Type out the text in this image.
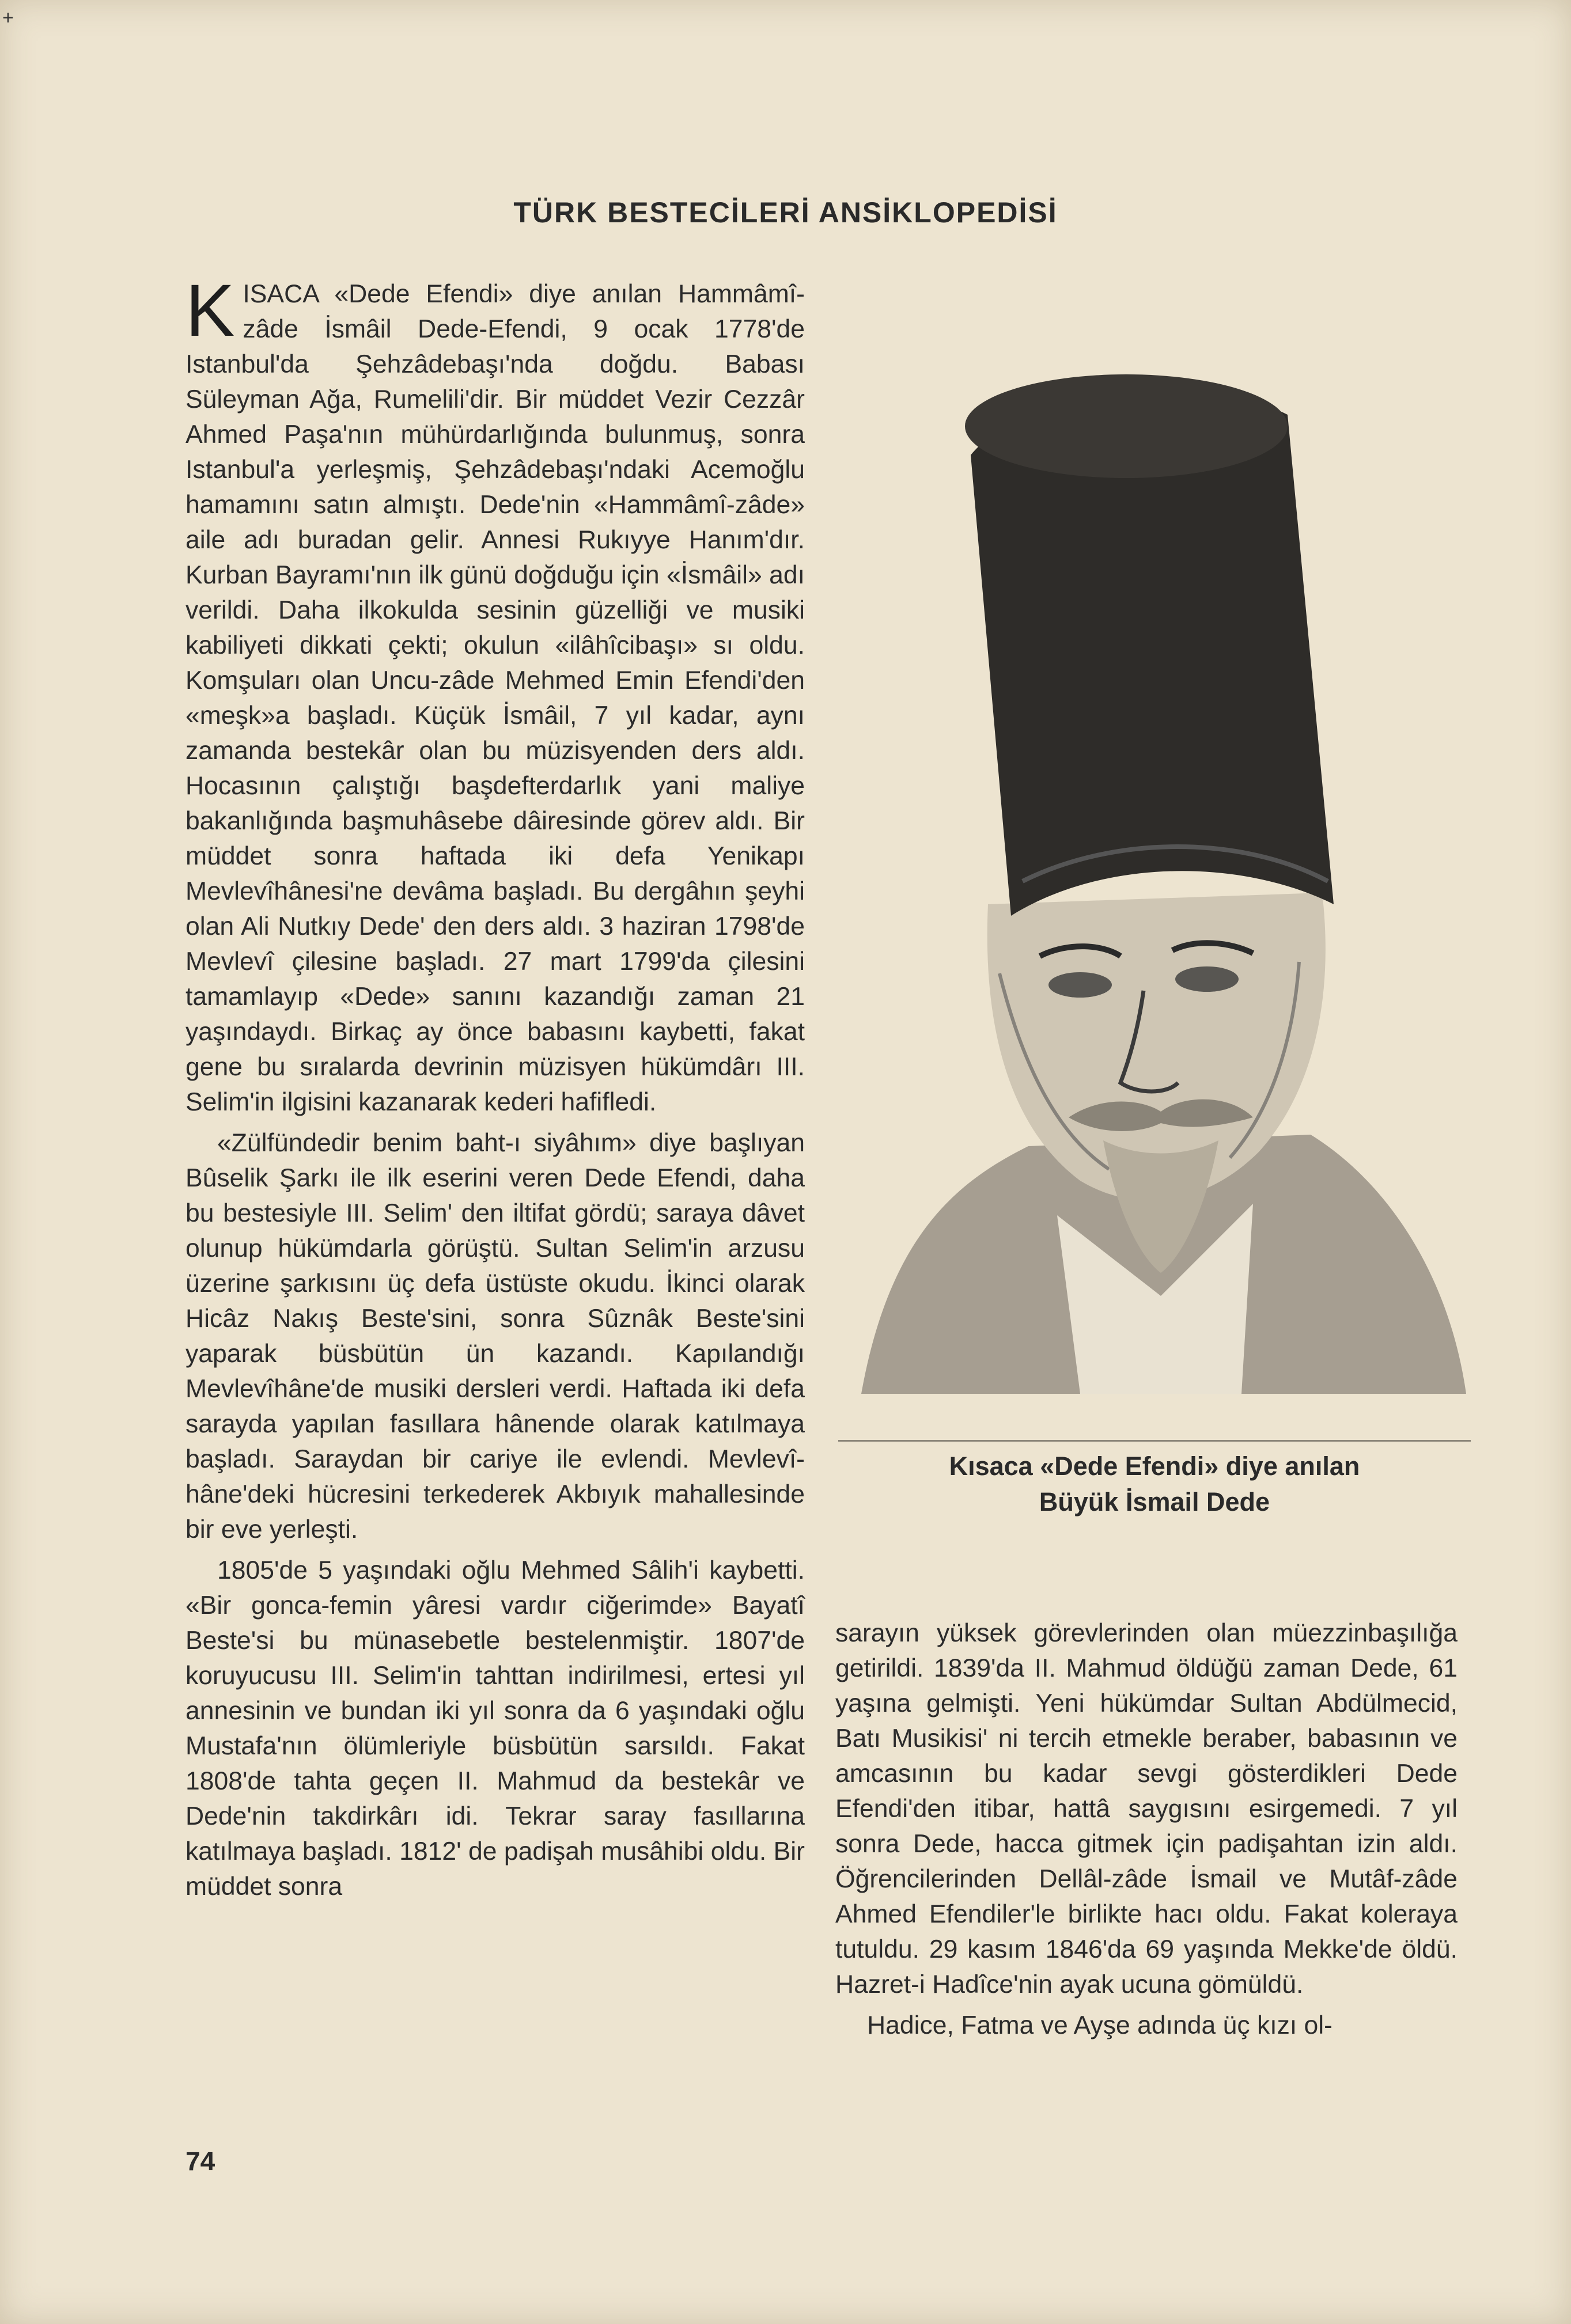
+
TÜRK BESTECİLERİ ANSİKLOPEDİSİ

K ISACA «Dede Efendi» diye anılan Hammâmî-zâde İsmâil Dede-Efendi, 9 ocak 1778'de Istanbul'da Şehzâdebaşı'nda doğdu. Babası Süleyman Ağa, Rumelili'dir. Bir müddet Vezir Cezzâr Ahmed Paşa'nın mühürdarlığında bulunmuş, sonra Istanbul'a yerleşmiş, Şehzâdebaşı'ndaki Acemoğlu hamamını satın almıştı. Dede'nin «Hammâmî-zâde» aile adı buradan gelir. Annesi Rukıyye Hanım'dır. Kurban Bayramı'nın ilk günü doğduğu için «İsmâil» adı verildi. Daha ilkokulda sesinin güzelliği ve musiki kabiliyeti dikkati çekti; okulun «ilâhîcibaşı» sı oldu. Komşuları olan Uncu-zâde Mehmed Emin Efendi'den «meşk»a başladı. Küçük İsmâil, 7 yıl kadar, aynı zamanda bestekâr olan bu müzisyenden ders aldı. Hocasının çalıştığı başdefterdarlık yani maliye bakanlığında başmuhâsebe dâiresinde görev aldı. Bir müddet sonra haftada iki defa Yenikapı Mevlevîhânesi'ne devâma başladı. Bu dergâhın şeyhi olan Ali Nutkıy Dede' den ders aldı. 3 haziran 1798'de Mevlevî çilesine başladı. 27 mart 1799'da çilesini tamamlayıp «Dede» sanını kazandığı zaman 21 yaşındaydı. Birkaç ay önce babasını kaybetti, fakat gene bu sıralarda devrinin müzisyen hükümdârı III. Selim'in ilgisini kazanarak kederi hafifledi.

«Zülfündedir benim baht-ı siyâhım» diye başlıyan Bûselik Şarkı ile ilk eserini veren Dede Efendi, daha bu bestesiyle III. Selim' den iltifat gördü; saraya dâvet olunup hükümdarla görüştü. Sultan Selim'in arzusu üzerine şarkısını üç defa üstüste okudu. İkinci olarak Hicâz Nakış Beste'sini, sonra Sûznâk Beste'sini yaparak büsbütün ün kazandı. Kapılandığı Mevlevîhâne'de musiki dersleri verdi. Haftada iki defa sarayda yapılan fasıllara hânende olarak katılmaya başladı. Saraydan bir cariye ile evlendi. Mevlevî-hâne'deki hücresini terkederek Akbıyık mahallesinde bir eve yerleşti.

1805'de 5 yaşındaki oğlu Mehmed Sâlih'i kaybetti. «Bir gonca-femin yâresi vardır ciğerimde» Bayatî Beste'si bu münasebetle bestelenmiştir. 1807'de koruyucusu III. Selim'in tahttan indirilmesi, ertesi yıl annesinin ve bundan iki yıl sonra da 6 yaşındaki oğlu Mustafa'nın ölümleriyle büsbütün sarsıldı. Fakat 1808'de tahta geçen II. Mahmud da bestekâr ve Dede'nin takdirkârı idi. Tekrar saray fasıllarına katılmaya başladı. 1812' de padişah musâhibi oldu. Bir müddet sonra

Kısaca «Dede Efendi» diye anılan
Büyük İsmail Dede

sarayın yüksek görevlerinden olan müezzinbaşılığa getirildi. 1839'da II. Mahmud öldüğü zaman Dede, 61 yaşına gelmişti. Yeni hükümdar Sultan Abdülmecid, Batı Musikisi' ni tercih etmekle beraber, babasının ve amcasının bu kadar sevgi gösterdikleri Dede Efendi'den itibar, hattâ saygısını esirgemedi. 7 yıl sonra Dede, hacca gitmek için padişahtan izin aldı. Öğrencilerinden Dellâl-zâde İsmail ve Mutâf-zâde Ahmed Efendiler'le birlikte hacı oldu. Fakat koleraya tutuldu. 29 kasım 1846'da 69 yaşında Mekke'de öldü. Hazret-i Hadîce'nin ayak ucuna gömüldü.

Hadice, Fatma ve Ayşe adında üç kızı ol-

74
